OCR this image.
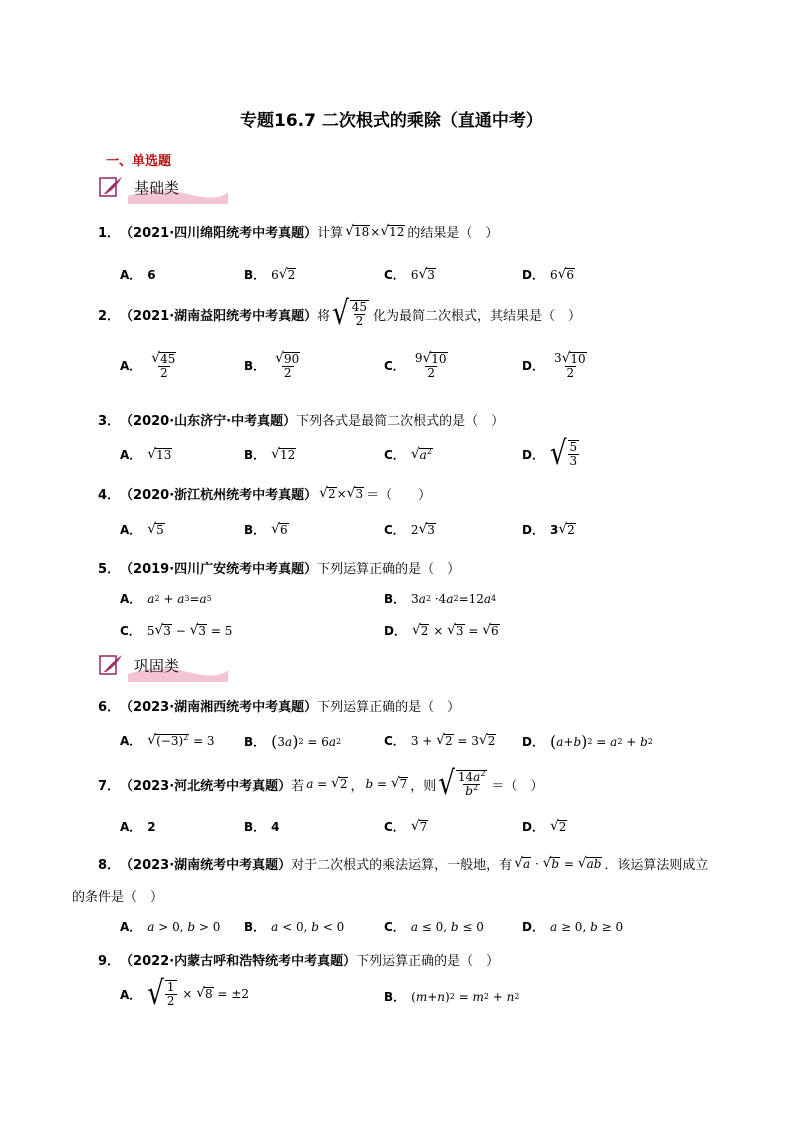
专题16.7 二次根式的乘除（直通中考）
一、单选题
基础类
1． （2021·四川绵阳统考中考真题） 计算 √ 18 × √ 12 的结果是（　）
A． 6	B． 6 √ 2	C． 6 √ 3	D． 6 √ 6
2． （2021·湖南益阳统考中考真题） 将 √ $\frac{45}{2}$ 化为最简二次根式，其结果是（　）
A． $\frac{√ 45}{2}$	B． $\frac{√ 90}{2}$	C． $\frac{9 √ 10}{2}$	D． $\frac{3 √ 10}{2}$
3． （2020·山东济宁·中考真题） 下列各式是最简二次根式的是（　）
A． √ 13	B． √ 12	C． √ $a^2$	D． √ $\frac{5}{3}$
4． （2020·浙江杭州统考中考真题） √ 2 × √ 3 ＝（　　）
A． √ 5	B． √ 6	C． 2 √ 3	D． 3 √ 2
5． （2019·四川广安统考中考真题） 下列运算正确的是（　）
A． a 2 + a 3 = a 5	B． 3 a 2 ·4 a 2 =12 a 4
C． 5 √ 3 − √ 3 = 5	D． √ 2 × √ 3 = √ 6
巩固类
6． （2023·湖南湘西统考中考真题） 下列运算正确的是（　）
A． √ $(-3)^2 = 3$ B． ( 3 a ) 2 = 6 a 2	C． 3 + √ 2 = 3 √ 2 D． ( a + b ) 2 = a 2 + b 2
7． （2023·河北统考中考真题） 若 a = √ 2 ， b = √ 7 ，则 √ $\frac{14a^2}{b^2}$ ＝（　）
A． 2	B． 4	C． √ 7	D． √ 2
8． （2023·湖南统考中考真题） 对于二次根式的乘法运算，一般地，有 √ a · √ b = √ ab ．该运算法则成立
的条件是（　）
A． a > 0, b > 0 B． a < 0, b < 0	C． a ≤ 0, b ≤ 0	D． a ≥ 0, b ≥ 0
9． （2022·内蒙古呼和浩特统考中考真题） 下列运算正确的是（　）
A． √ $\frac{1}{2}$ × √ 8 = ±2	B． ( m + n ) 2 = m 2 + n 2
